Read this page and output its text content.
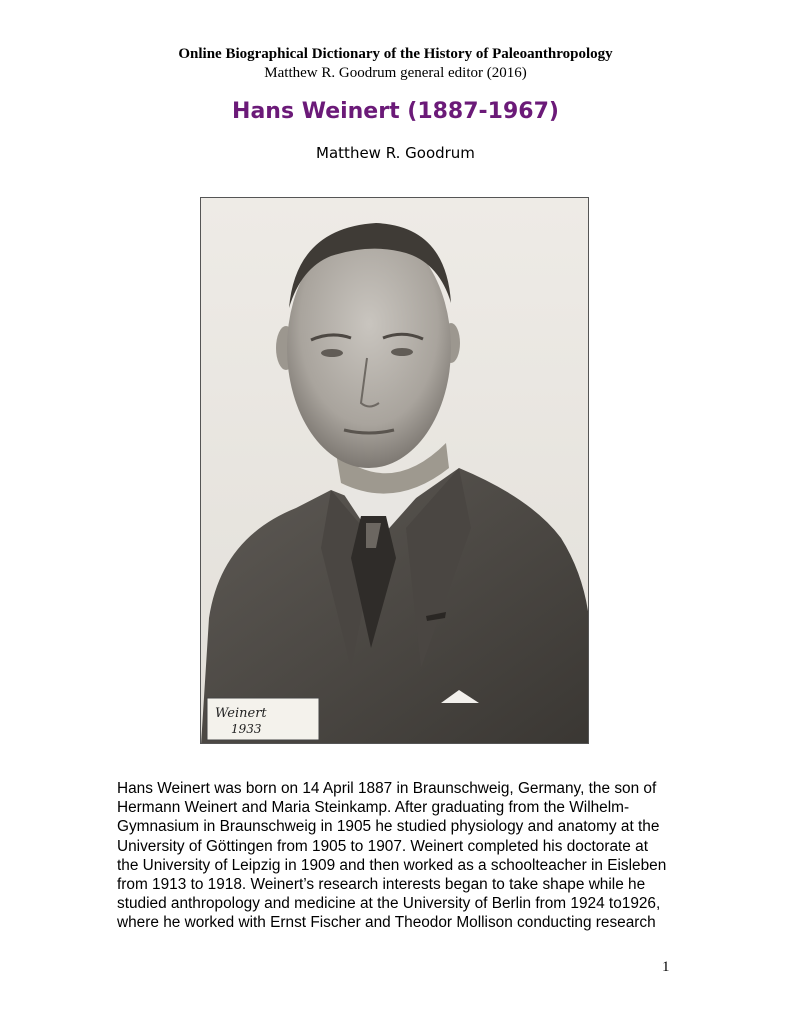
Online Biographical Dictionary of the History of Paleoanthropology
Matthew R. Goodrum general editor (2016)
Hans Weinert (1887-1967)
Matthew R. Goodrum
Weinert
1933
Hans Weinert was born on 14 April 1887 in Braunschweig, Germany, the son of
Hermann Weinert and Maria Steinkamp. After graduating from the Wilhelm-
Gymnasium in Braunschweig in 1905 he studied physiology and anatomy at the
University of Göttingen from 1905 to 1907. Weinert completed his doctorate at
the University of Leipzig in 1909 and then worked as a schoolteacher in Eisleben
from 1913 to 1918. Weinert’s research interests began to take shape while he
studied anthropology and medicine at the University of Berlin from 1924 to1926,
where he worked with Ernst Fischer and Theodor Mollison conducting research
1
